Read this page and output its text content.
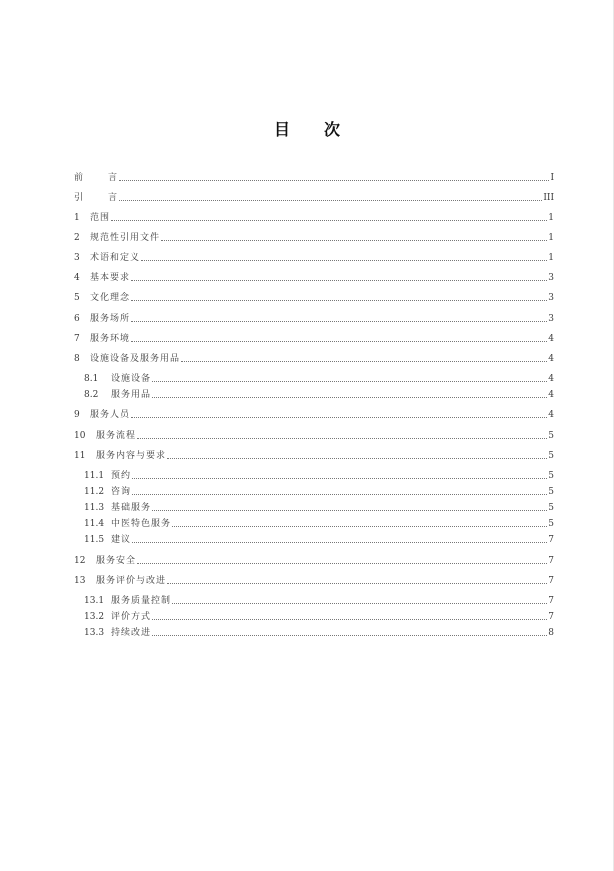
目 次
前	言	I
引	言	III
1	范围	1
2	规范性引用文件	1
3	术语和定义	1
4	基本要求	3
5	文化理念	3
6	服务场所	3
7	服务环境	4
8	设施设备及服务用品	4
8.1	设施设备	4
8.2	服务用品	4
9	服务人员	4
10	服务流程	5
11	服务内容与要求	5
11.1 预约	5
11.2 咨询	5
11.3 基础服务	5
11.4 中医特色服务	5
11.5 建议	7
12	服务安全	7
13	服务评价与改进	7
13.1 服务质量控制	7
13.2 评价方式	7
13.3 持续改进	8
